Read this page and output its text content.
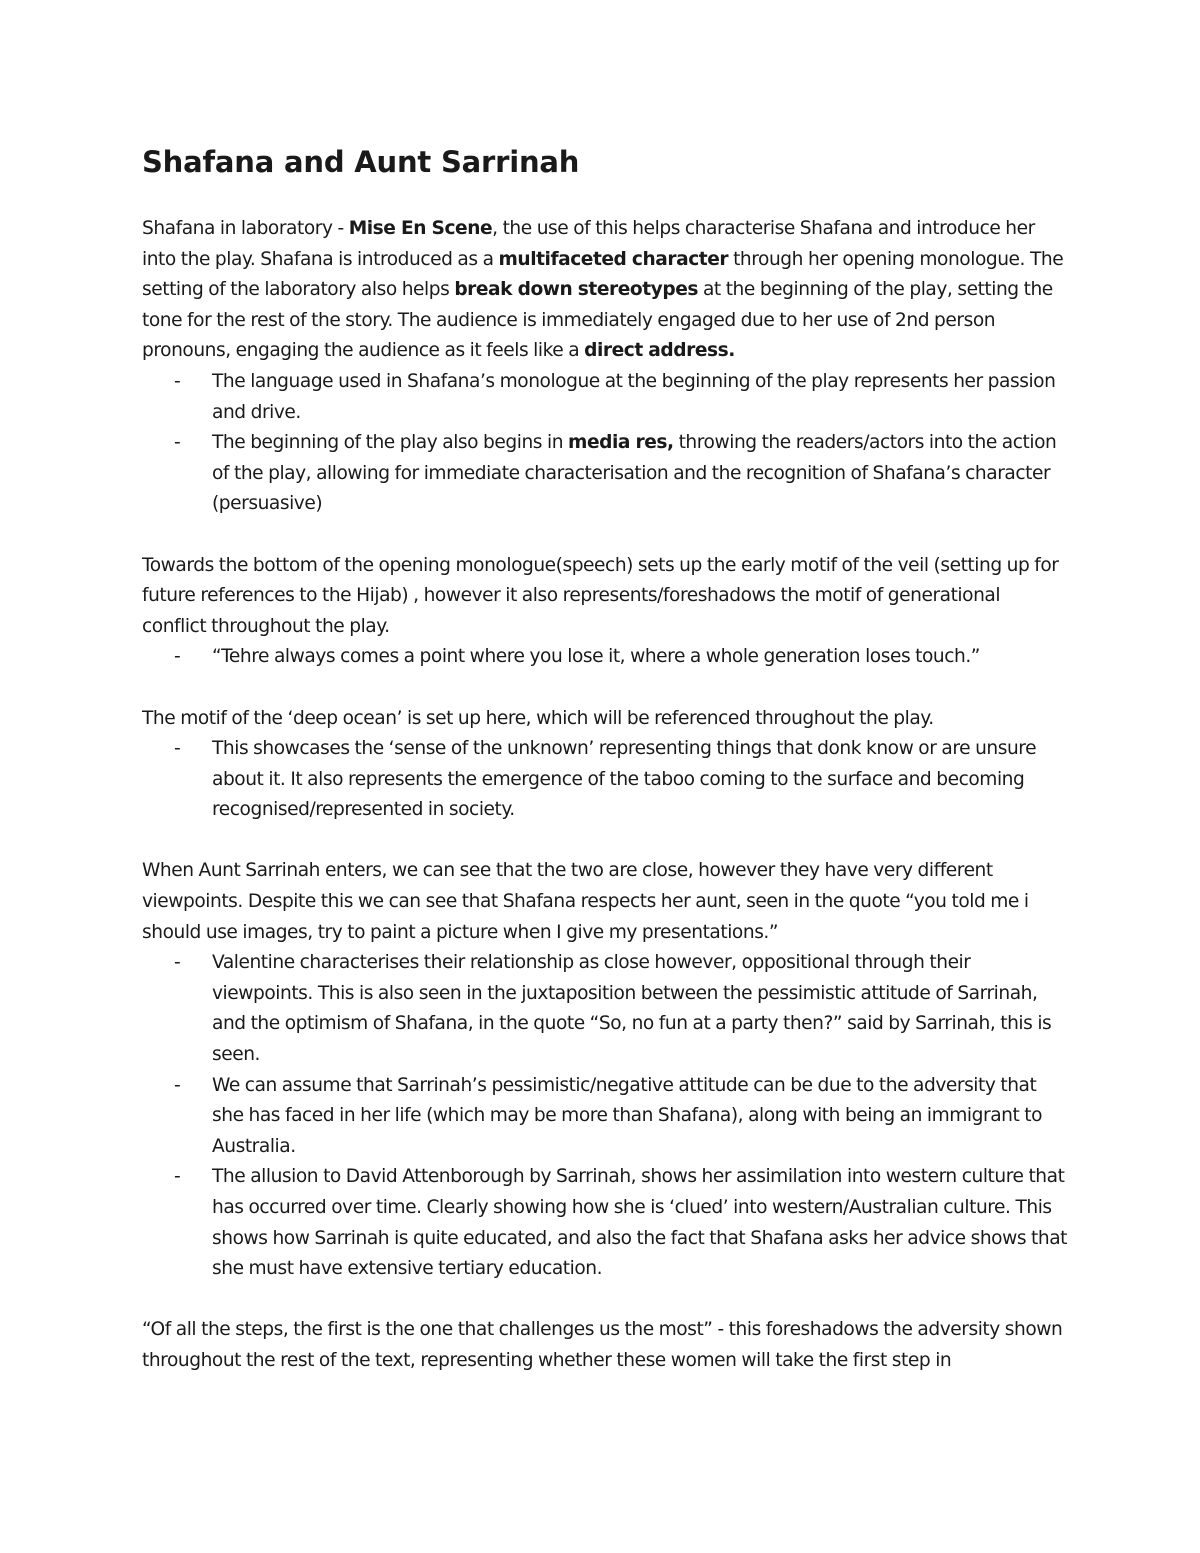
Shafana and Aunt Sarrinah

Shafana in laboratory - Mise En Scene, the use of this helps characterise Shafana and introduce her into the play. Shafana is introduced as a multifaceted character through her opening monologue. The setting of the laboratory also helps break down stereotypes at the beginning of the play, setting the tone for the rest of the story. The audience is immediately engaged due to her use of 2nd person pronouns, engaging the audience as it feels like a direct address.

-	The language used in Shafana’s monologue at the beginning of the play represents her passion and drive.
-	The beginning of the play also begins in media res, throwing the readers/actors into the action of the play, allowing for immediate characterisation and the recognition of Shafana’s character (persuasive)

Towards the bottom of the opening monologue(speech) sets up the early motif of the veil (setting up for future references to the Hijab) , however it also represents/foreshadows the motif of generational conflict throughout the play.

-	“Tehre always comes a point where you lose it, where a whole generation loses touch.”

The motif of the ‘deep ocean’ is set up here, which will be referenced throughout the play.

-	This showcases the ‘sense of the unknown’ representing things that donk know or are unsure about it. It also represents the emergence of the taboo coming to the surface and becoming recognised/represented in society.

When Aunt Sarrinah enters, we can see that the two are close, however they have very different viewpoints. Despite this we can see that Shafana respects her aunt, seen in the quote “you told me i should use images, try to paint a picture when I give my presentations.”

-	Valentine characterises their relationship as close however, oppositional through their viewpoints. This is also seen in the juxtaposition between the pessimistic attitude of Sarrinah, and the optimism of Shafana, in the quote “So, no fun at a party then?” said by Sarrinah, this is seen.
-	We can assume that Sarrinah’s pessimistic/negative attitude can be due to the adversity that she has faced in her life (which may be more than Shafana), along with being an immigrant to Australia.
-	The allusion to David Attenborough by Sarrinah, shows her assimilation into western culture that has occurred over time. Clearly showing how she is ‘clued’ into western/Australian culture. This shows how Sarrinah is quite educated, and also the fact that Shafana asks her advice shows that she must have extensive tertiary education.

“Of all the steps, the first is the one that challenges us the most” - this foreshadows the adversity shown throughout the rest of the text, representing whether these women will take the first step in
